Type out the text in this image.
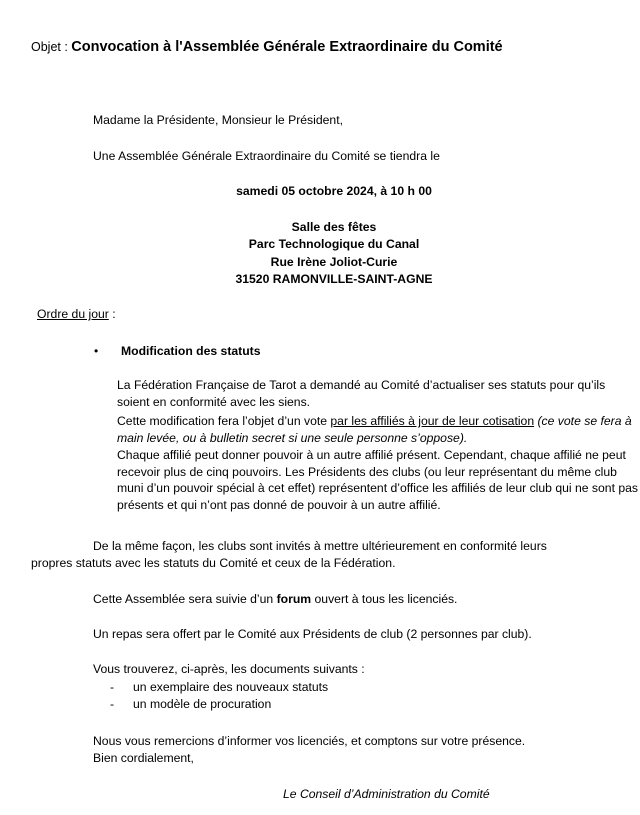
Objet : Convocation à l'Assemblée Générale Extraordinaire du Comité
Madame la Présidente, Monsieur le Président,
Une Assemblée Générale Extraordinaire du Comité se tiendra le
samedi 05 octobre 2024, à 10 h 00
Salle des fêtes
Parc Technologique du Canal
Rue Irène Joliot-Curie
31520 RAMONVILLE-SAINT-AGNE
Ordre du jour :
• Modification des statuts
La Fédération Française de Tarot a demandé au Comité d’actualiser ses statuts pour qu’ils soient en conformité avec les siens.
Cette modification fera l’objet d’un vote par les affiliés à jour de leur cotisation (ce vote se fera à main levée, ou à bulletin secret si une seule personne s’oppose).
Chaque affilié peut donner pouvoir à un autre affilié présent. Cependant, chaque affilié ne peut recevoir plus de cinq pouvoirs. Les Présidents des clubs (ou leur représentant du même club muni d’un pouvoir spécial à cet effet) représentent d’office les affiliés de leur club qui ne sont pas présents et qui n’ont pas donné de pouvoir à un autre affilié.
De la même façon, les clubs sont invités à mettre ultérieurement en conformité leurs
propres statuts avec les statuts du Comité et ceux de la Fédération.
Cette Assemblée sera suivie d’un forum ouvert à tous les licenciés.
Un repas sera offert par le Comité aux Présidents de club (2 personnes par club).
Vous trouverez, ci-après, les documents suivants :
- un exemplaire des nouveaux statuts
- un modèle de procuration
Nous vous remercions d’informer vos licenciés, et comptons sur votre présence.
Bien cordialement,
Le Conseil d’Administration du Comité
